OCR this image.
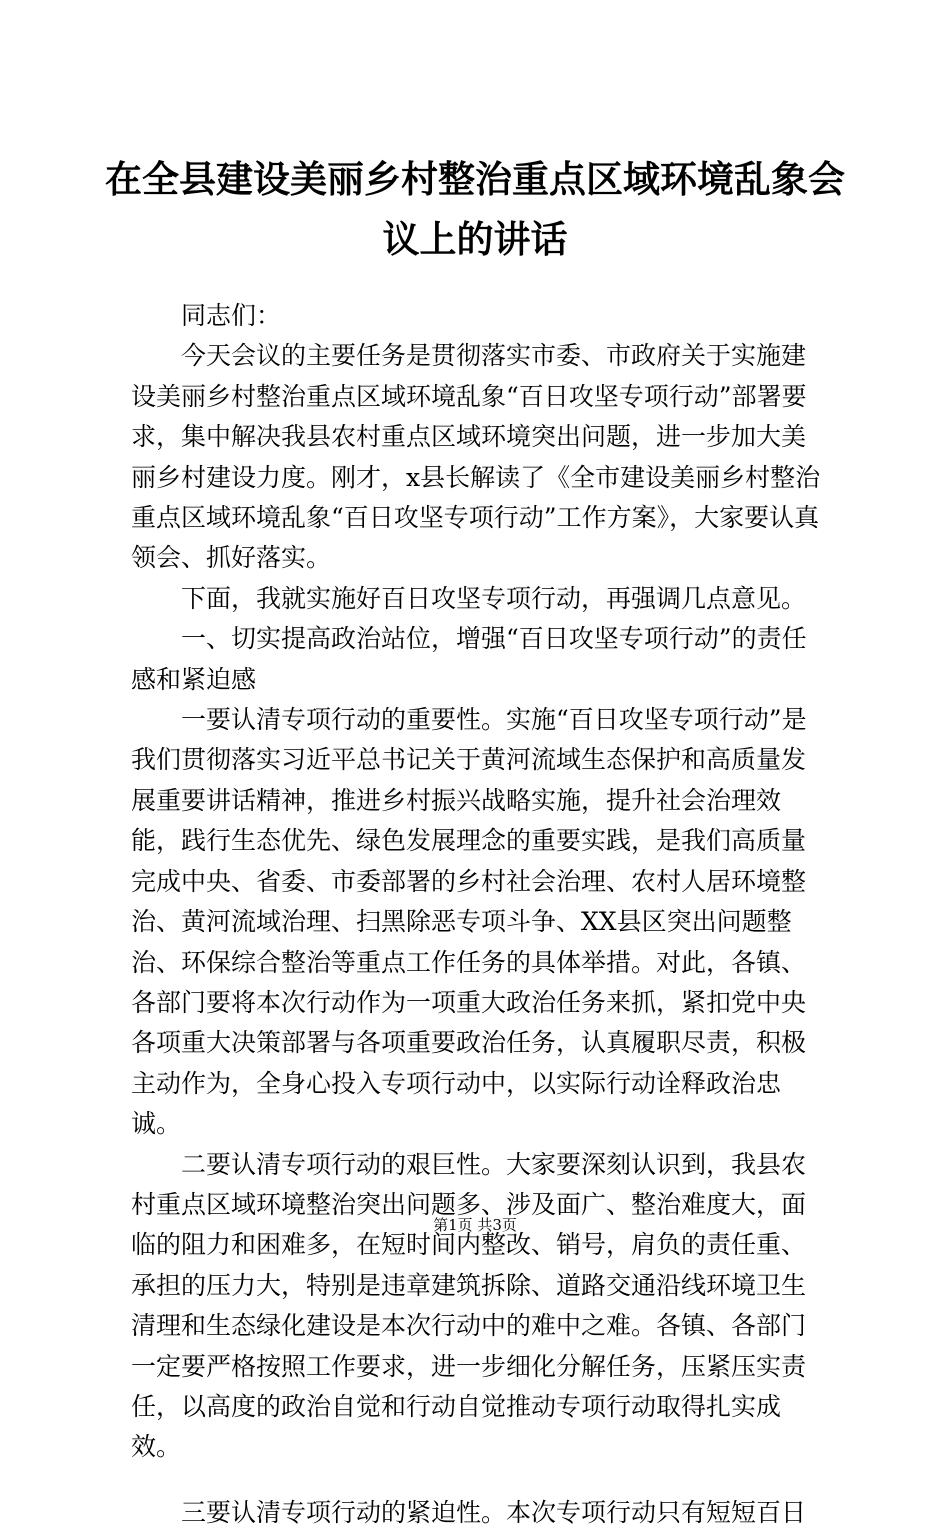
在全县建设美丽乡村整治重点区域环境乱象会
议上的讲话

同志们：

今天会议的主要任务是贯彻落实市委、市政府关于实施建设美丽乡村整治重点区域环境乱象“百日攻坚专项行动”部署要求，集中解决我县农村重点区域环境突出问题，进一步加大美丽乡村建设力度。刚才，x县长解读了《全市建设美丽乡村整治重点区域环境乱象“百日攻坚专项行动”工作方案》，大家要认真领会、抓好落实。

下面，我就实施好百日攻坚专项行动，再强调几点意见。

一、切实提高政治站位，增强“百日攻坚专项行动”的责任感和紧迫感

一要认清专项行动的重要性。实施“百日攻坚专项行动”是我们贯彻落实习近平总书记关于黄河流域生态保护和高质量发展重要讲话精神，推进乡村振兴战略实施，提升社会治理效能，践行生态优先、绿色发展理念的重要实践，是我们高质量完成中央、省委、市委部署的乡村社会治理、农村人居环境整治、黄河流域治理、扫黑除恶专项斗争、XX县区突出问题整治、环保综合整治等重点工作任务的具体举措。对此，各镇、各部门要将本次行动作为一项重大政治任务来抓，紧扣党中央各项重大决策部署与各项重要政治任务，认真履职尽责，积极主动作为，全身心投入专项行动中，以实际行动诠释政治忠诚。

二要认清专项行动的艰巨性。大家要深刻认识到，我县农村重点区域环境整治突出问题多、涉及面广、整治难度大，面临的阻力和困难多，在短时间内整改、销号，肩负的责任重、承担的压力大，特别是违章建筑拆除、道路交通沿线环境卫生清理和生态绿化建设是本次行动中的难中之难。各镇、各部门一定要严格按照工作要求，进一步细化分解任务，压紧压实责任，以高度的政治自觉和行动自觉推动专项行动取得扎实成效。

三要认清专项行动的紧迫性。本次专项行动只有短短百日

第1页 共3页
